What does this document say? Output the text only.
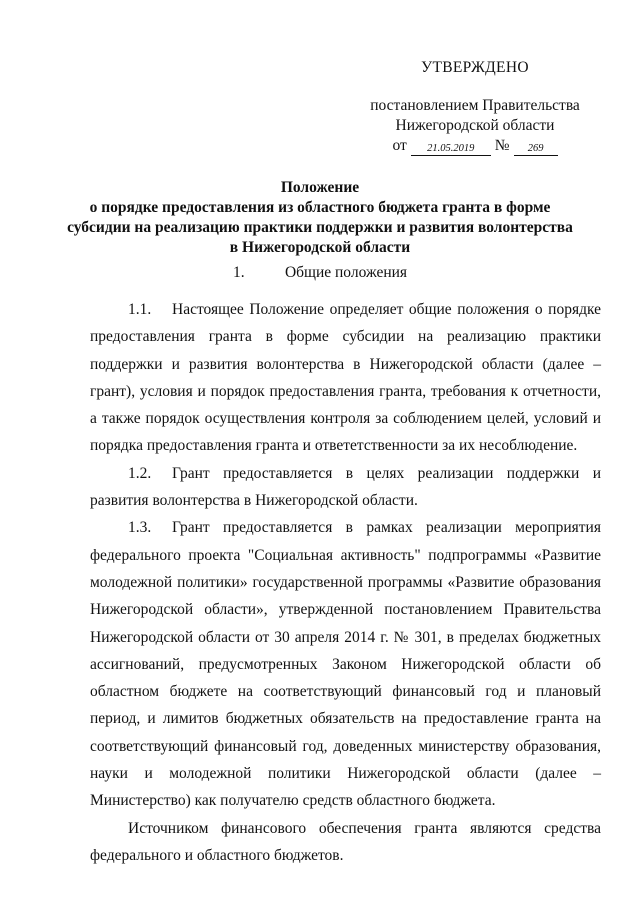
УТВЕРЖДЕНО
постановлением Правительства
Нижегородской области
от	21.05.2019	№	269
Положение
о порядке предоставления из областного бюджета гранта в форме
субсидии на реализацию практики поддержки и развития волонтерства
в Нижегородской области
1.	Общие положения

1.1. Настоящее Положение определяет общие положения о порядке предоставления гранта в форме субсидии на реализацию практики поддержки и развития волонтерства в Нижегородской области (далее – грант), условия и порядок предоставления гранта, требования к отчетности, а также порядок осуществления контроля за соблюдением целей, условий и порядка предоставления гранта и ответетственности за их несоблюдение.

1.2. Грант предоставляется в целях реализации поддержки и развития волонтерства в Нижегородской области.

1.3. Грант предоставляется в рамках реализации мероприятия федерального проекта "Социальная активность" подпрограммы «Развитие молодежной политики» государственной программы «Развитие образования Нижегородской области», утвержденной постановлением Правительства Нижегородской области от 30 апреля 2014 г. № 301, в пределах бюджетных ассигнований, предусмотренных Законом Нижегородской области об областном бюджете на соответствующий финансовый год и плановый период, и лимитов бюджетных обязательств на предоставление гранта на соответствующий финансовый год, доведенных министерству образования, науки и молодежной политики Нижегородской области (далее – Министерство) как получателю средств областного бюджета.

Источником финансового обеспечения гранта являются средства федерального и областного бюджетов.
